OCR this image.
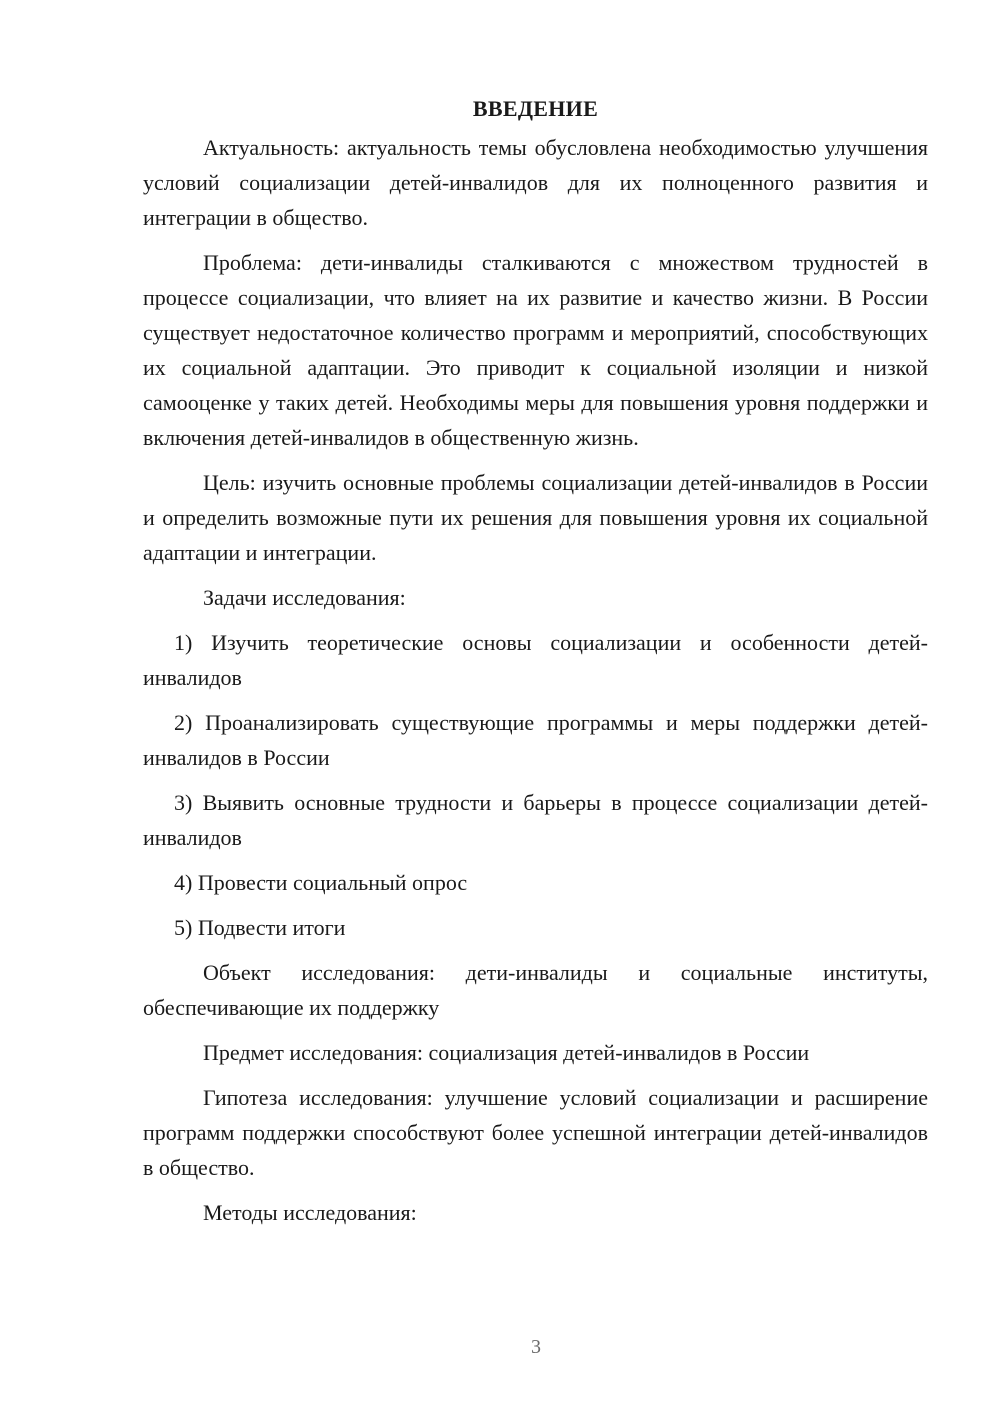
ВВЕДЕНИЕ

Актуальность: актуальность темы обусловлена необходимостью улучшения условий социализации детей-инвалидов для их полноценного развития и интеграции в общество.

Проблема: дети-инвалиды сталкиваются с множеством трудностей в процессе социализации, что влияет на их развитие и качество жизни. В России существует недостаточное количество программ и мероприятий, способствующих их социальной адаптации. Это приводит к социальной изоляции и низкой самооценке у таких детей. Необходимы меры для повышения уровня поддержки и включения детей-инвалидов в общественную жизнь.

Цель: изучить основные проблемы социализации детей-инвалидов в России и определить возможные пути их решения для повышения уровня их социальной адаптации и интеграции.

Задачи исследования:

1) Изучить теоретические основы социализации и особенности детей-инвалидов

2) Проанализировать существующие программы и меры поддержки детей-инвалидов в России

3) Выявить основные трудности и барьеры в процессе социализации детей-инвалидов

4) Провести социальный опрос

5) Подвести итоги

Объект исследования: дети-инвалиды и социальные институты, обеспечивающие их поддержку

Предмет исследования: социализация детей-инвалидов в России

Гипотеза исследования: улучшение условий социализации и расширение программ поддержки способствуют более успешной интеграции детей-инвалидов в общество.

Методы исследования:

3
